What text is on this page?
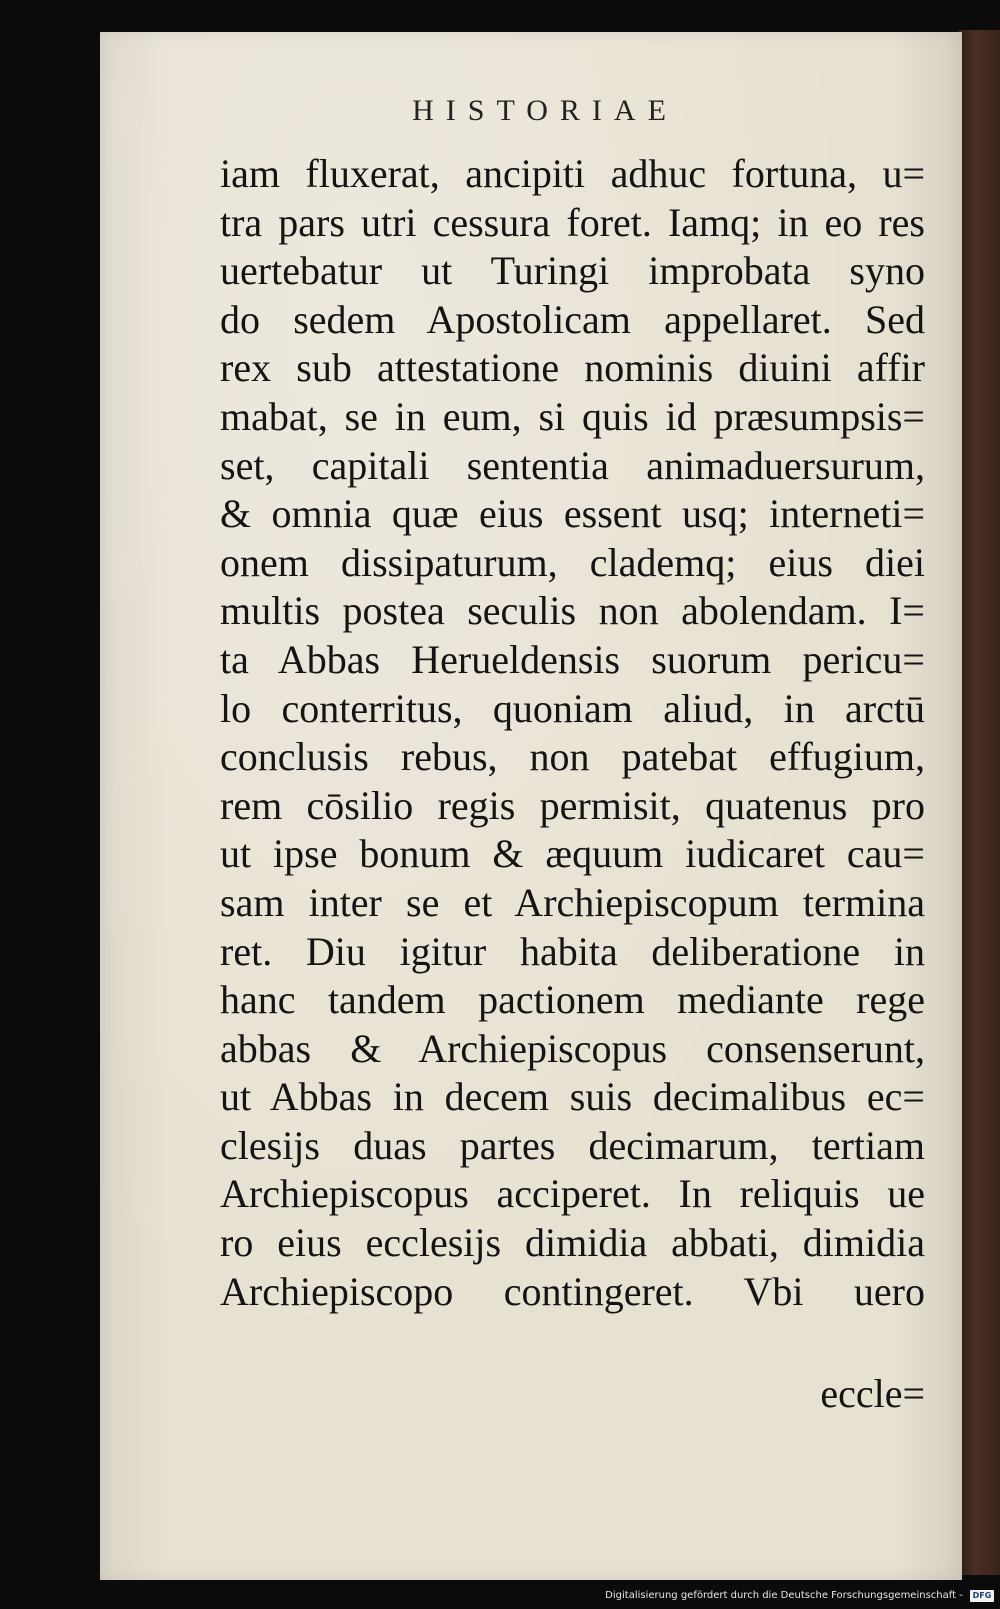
HISTORIAE
iam fluxerat, ancipiti adhuc fortuna, u=
tra pars utri cessura foret. Iamq; in eo res
uertebatur ut Turingi improbata syno
do sedem Apostolicam appellaret. Sed
rex sub attestatione nominis diuini affir
mabat, se in eum, si quis id præsumpsis=
set, capitali sententia animaduersurum,
& omnia quæ eius essent usq; interneti=
onem dissipaturum, clademq; eius diei
multis postea seculis non abolendam. I=
ta Abbas Herueldensis suorum pericu=
lo conterritus, quoniam aliud, in arctū
conclusis rebus, non patebat effugium,
rem cōsilio regis permisit, quatenus pro
ut ipse bonum & æquum iudicaret cau=
sam inter se et Archiepiscopum termina
ret. Diu igitur habita deliberatione in
hanc tandem pactionem mediante rege
abbas & Archiepiscopus consenserunt,
ut Abbas in decem suis decimalibus ec=
clesijs duas partes decimarum, tertiam
Archiepiscopus acciperet. In reliquis ue
ro eius ecclesijs dimidia abbati, dimidia
Archiepiscopo contingeret. Vbi uero
eccle=
Digitalisierung gefördert durch die Deutsche Forschungsgemeinschaft - DFG
